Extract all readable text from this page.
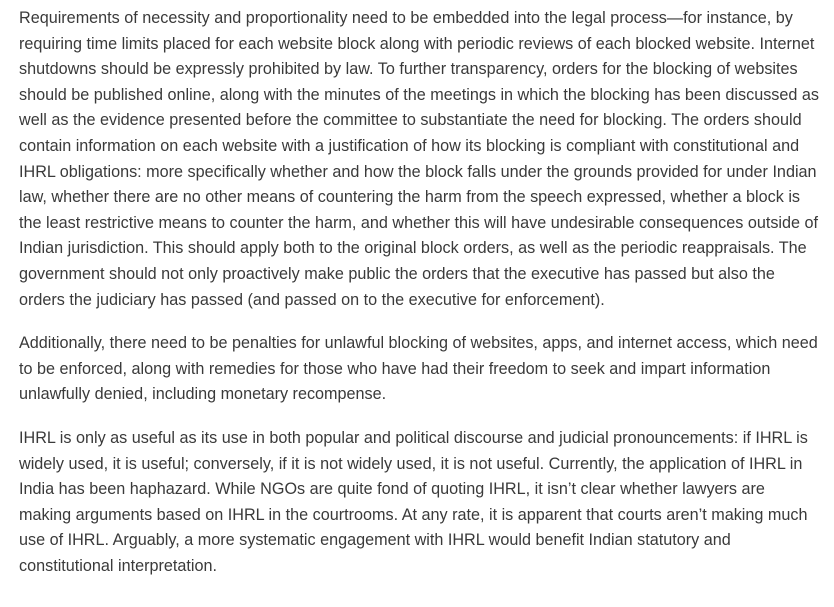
Requirements of necessity and proportionality need to be embedded into the legal process—for instance, by requiring time limits placed for each website block along with periodic reviews of each blocked website. Internet shutdowns should be expressly prohibited by law. To further transparency, orders for the blocking of websites should be published online, along with the minutes of the meetings in which the blocking has been discussed as well as the evidence presented before the committee to substantiate the need for blocking. The orders should contain information on each website with a justification of how its blocking is compliant with constitutional and IHRL obligations: more specifically whether and how the block falls under the grounds provided for under Indian law, whether there are no other means of countering the harm from the speech expressed, whether a block is the least restrictive means to counter the harm, and whether this will have undesirable consequences outside of Indian jurisdiction. This should apply both to the original block orders, as well as the periodic reappraisals. The government should not only proactively make public the orders that the executive has passed but also the orders the judiciary has passed (and passed on to the executive for enforcement).

Additionally, there need to be penalties for unlawful blocking of websites, apps, and internet access, which need to be enforced, along with remedies for those who have had their freedom to seek and impart information unlawfully denied, including monetary recompense.

IHRL is only as useful as its use in both popular and political discourse and judicial pronouncements: if IHRL is widely used, it is useful; conversely, if it is not widely used, it is not useful. Currently, the application of IHRL in India has been haphazard. While NGOs are quite fond of quoting IHRL, it isn’t clear whether lawyers are making arguments based on IHRL in the courtrooms. At any rate, it is apparent that courts aren’t making much use of IHRL. Arguably, a more systematic engagement with IHRL would benefit Indian statutory and constitutional interpretation.
